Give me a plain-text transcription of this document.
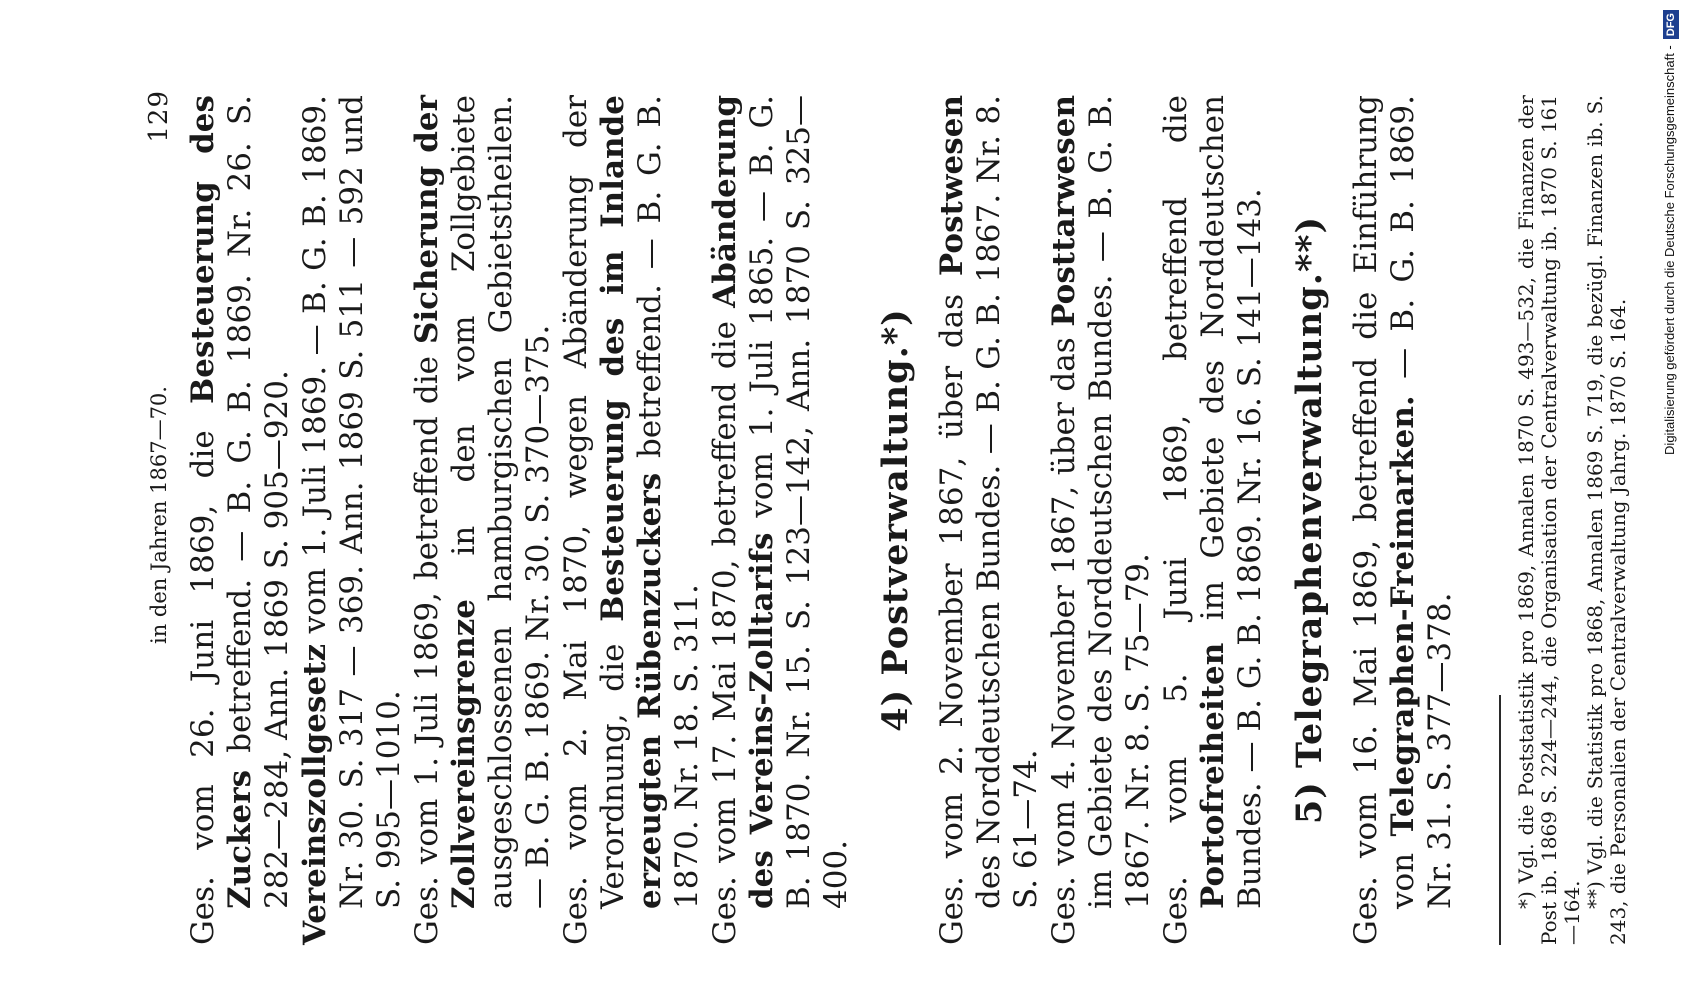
in den Jahren 1867—70.
129

Ges. vom 26. Juni 1869, die Besteuerung des Zuckers betreffend. — B. G. B. 1869. Nr. 26. S. 282—284, Ann. 1869 S. 905—920. Vereinszollgesetz vom 1. Juli 1869. — B. G. B. 1869. Nr. 30. S. 317 — 369. Ann. 1869 S. 511 — 592 und S. 995—1010. Ges. vom 1. Juli 1869, betreffend die Sicherung der Zollvereinsgrenze in den vom Zollgebiete ausgeschlossenen hamburgischen Gebietstheilen. — B. G. B. 1869. Nr. 30. S. 370—375. Ges. vom 2. Mai 1870, wegen Abänderung der Verordnung, die Besteuerung des im Inlande erzeugten Rübenzuckers betreffend. — B. G. B. 1870. Nr. 18. S. 311. Ges. vom 17. Mai 1870, betreffend die Abänderung des Vereins-Zolltarifs vom 1. Juli 1865. — B. G. B. 1870. Nr. 15. S. 123—142, Ann. 1870 S. 325—400.

4) Postverwaltung.*) Ges. vom 2. November 1867, über das Postwesen des Norddeutschen Bundes. — B. G. B. 1867. Nr. 8. S. 61—74. Ges. vom 4. November 1867, über das Posttarwesen im Gebiete des Norddeutschen Bundes. — B. G. B. 1867. Nr. 8. S. 75—79. Ges. vom 5. Juni 1869, betreffend die Portofreiheiten im Gebiete des Norddeutschen Bundes. — B. G. B. 1869. Nr. 16. S. 141—143. 5) Telegraphenverwaltung.**) Ges. vom 16. Mai 1869, betreffend die Einführung von Telegraphen-Freimarken. — B. G. B. 1869. Nr. 31. S. 377—378.	*) Vgl. die Poststatistik pro 1869, Annalen 1870 S. 493—532, die Finanzen der Post ib. 1869 S. 224—244, die Organisation der Centralverwaltung ib. 1870 S. 161—164.

**) Vgl. die Statistik pro 1868, Annalen 1869 S. 719, die bezügl. Finanzen ib. S. 243, die Personalien der Centralverwaltung Jahrg. 1870 S. 164.

Digitalisierung gefördert durch die Deutsche Forschungsgemeinschaft -DFG
